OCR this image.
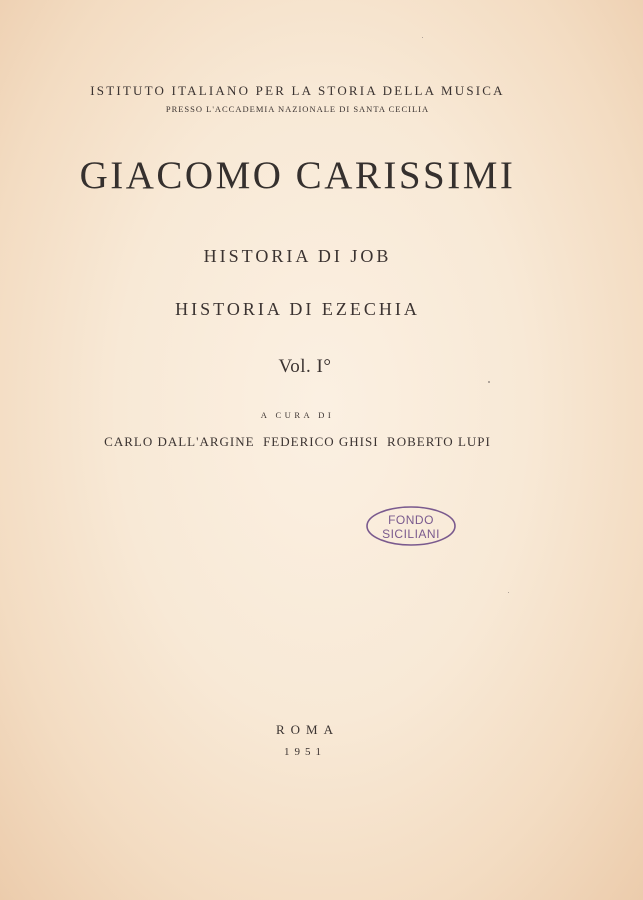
ISTITUTO ITALIANO PER LA STORIA DELLA MUSICA
PRESSO L'ACCADEMIA NAZIONALE DI SANTA CECILIA
GIACOMO CARISSIMI
HISTORIA DI JOB
HISTORIA DI EZECHIA
Vol. I°
A CURA DI
CARLO DALL'ARGINE  FEDERICO GHISI  ROBERTO LUPI
FONDO
SICILIANI
ROMA
1951
